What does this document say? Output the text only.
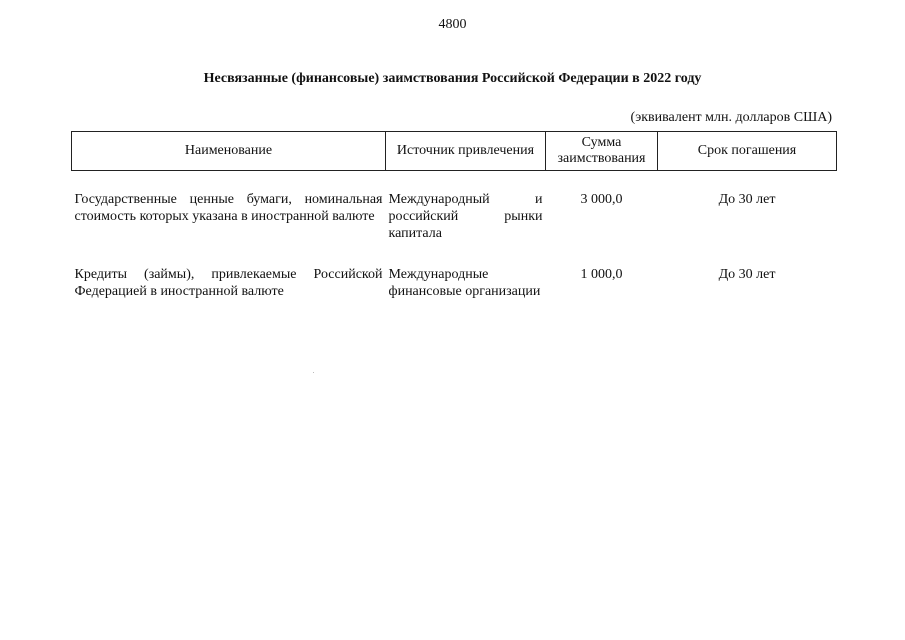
4800
Несвязанные (финансовые) заимствования Российской Федерации в 2022 году
(эквивалент млн. долларов США)
Наименование	Источник привлечения	Сумма заимствования	Срок погашения
Государственные ценные бумаги, номинальная стоимость которых указана в иностранной валюте	Международный и российский рынки капитала	3 000,0	До 30 лет
Кредиты (займы), привлекаемые Российской Федерацией в иностранной валюте	Международные финансовые организации	1 000,0	До 30 лет
